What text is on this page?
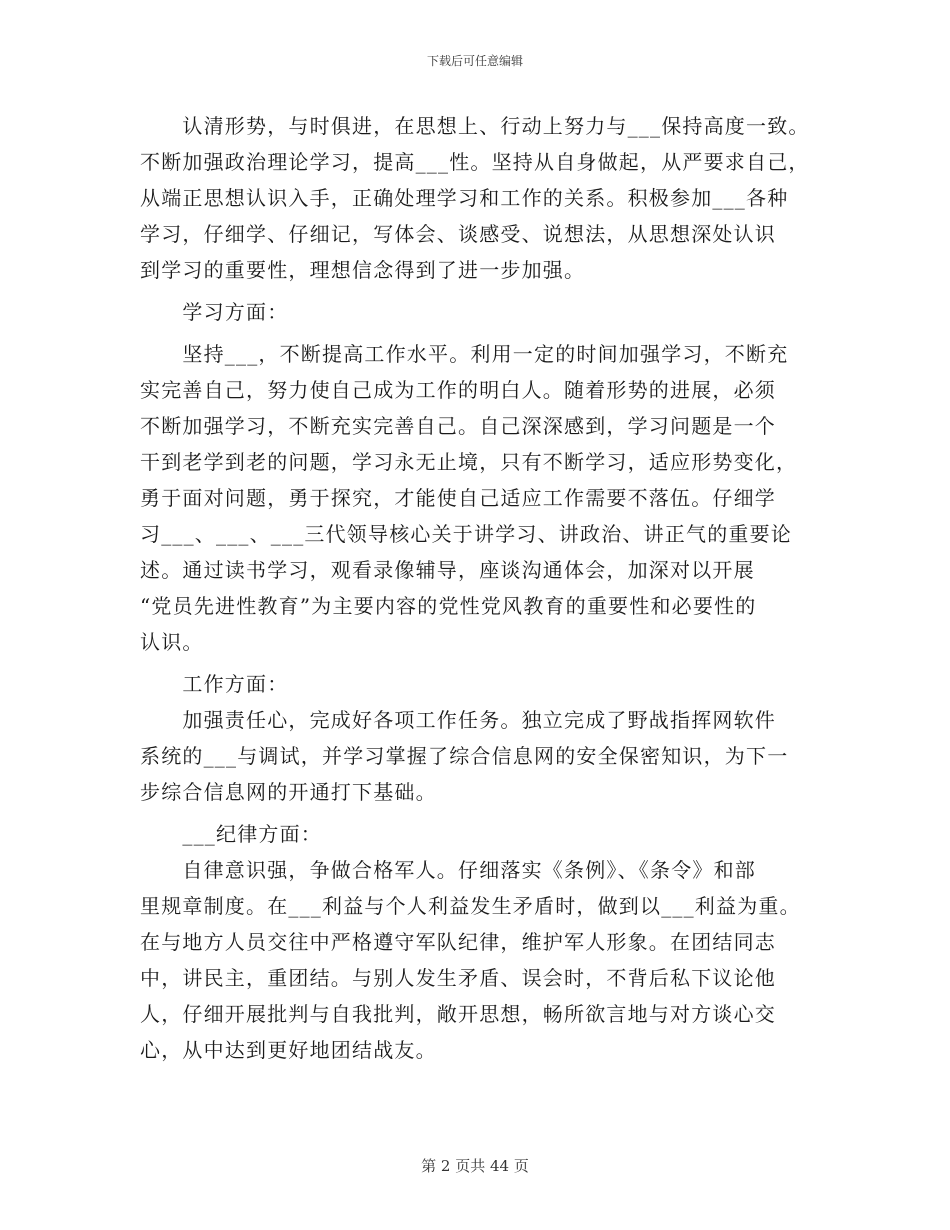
下载后可任意编辑
　　认清形势，与时俱进，在思想上、行动上努力与___保持高度一致。
不断加强政治理论学习，提高___性。坚持从自身做起，从严要求自己，
从端正思想认识入手，正确处理学习和工作的关系。积极参加___各种
学习，仔细学、仔细记，写体会、谈感受、说想法，从思想深处认识
到学习的重要性，理想信念得到了进一步加强。
　　学习方面：
　　坚持___，不断提高工作水平。利用一定的时间加强学习，不断充
实完善自己，努力使自己成为工作的明白人。随着形势的进展，必须
不断加强学习，不断充实完善自己。自己深深感到，学习问题是一个
干到老学到老的问题，学习永无止境，只有不断学习，适应形势变化，
勇于面对问题，勇于探究，才能使自己适应工作需要不落伍。仔细学
习___、___、___三代领导核心关于讲学习、讲政治、讲正气的重要论
述。通过读书学习，观看录像辅导，座谈沟通体会，加深对以开展
“党员先进性教育”为主要内容的党性党风教育的重要性和必要性的
认识。
　　工作方面：
　　加强责任心，完成好各项工作任务。独立完成了野战指挥网软件
系统的___与调试，并学习掌握了综合信息网的安全保密知识，为下一
步综合信息网的开通打下基础。
　　___纪律方面：
　　自律意识强，争做合格军人。仔细落实《条例》、《条令》和部
里规章制度。在___利益与个人利益发生矛盾时，做到以___利益为重。
在与地方人员交往中严格遵守军队纪律，维护军人形象。在团结同志
中，讲民主，重团结。与别人发生矛盾、误会时，不背后私下议论他
人，仔细开展批判与自我批判，敞开思想，畅所欲言地与对方谈心交
心，从中达到更好地团结战友。
第 2 页共 44 页
